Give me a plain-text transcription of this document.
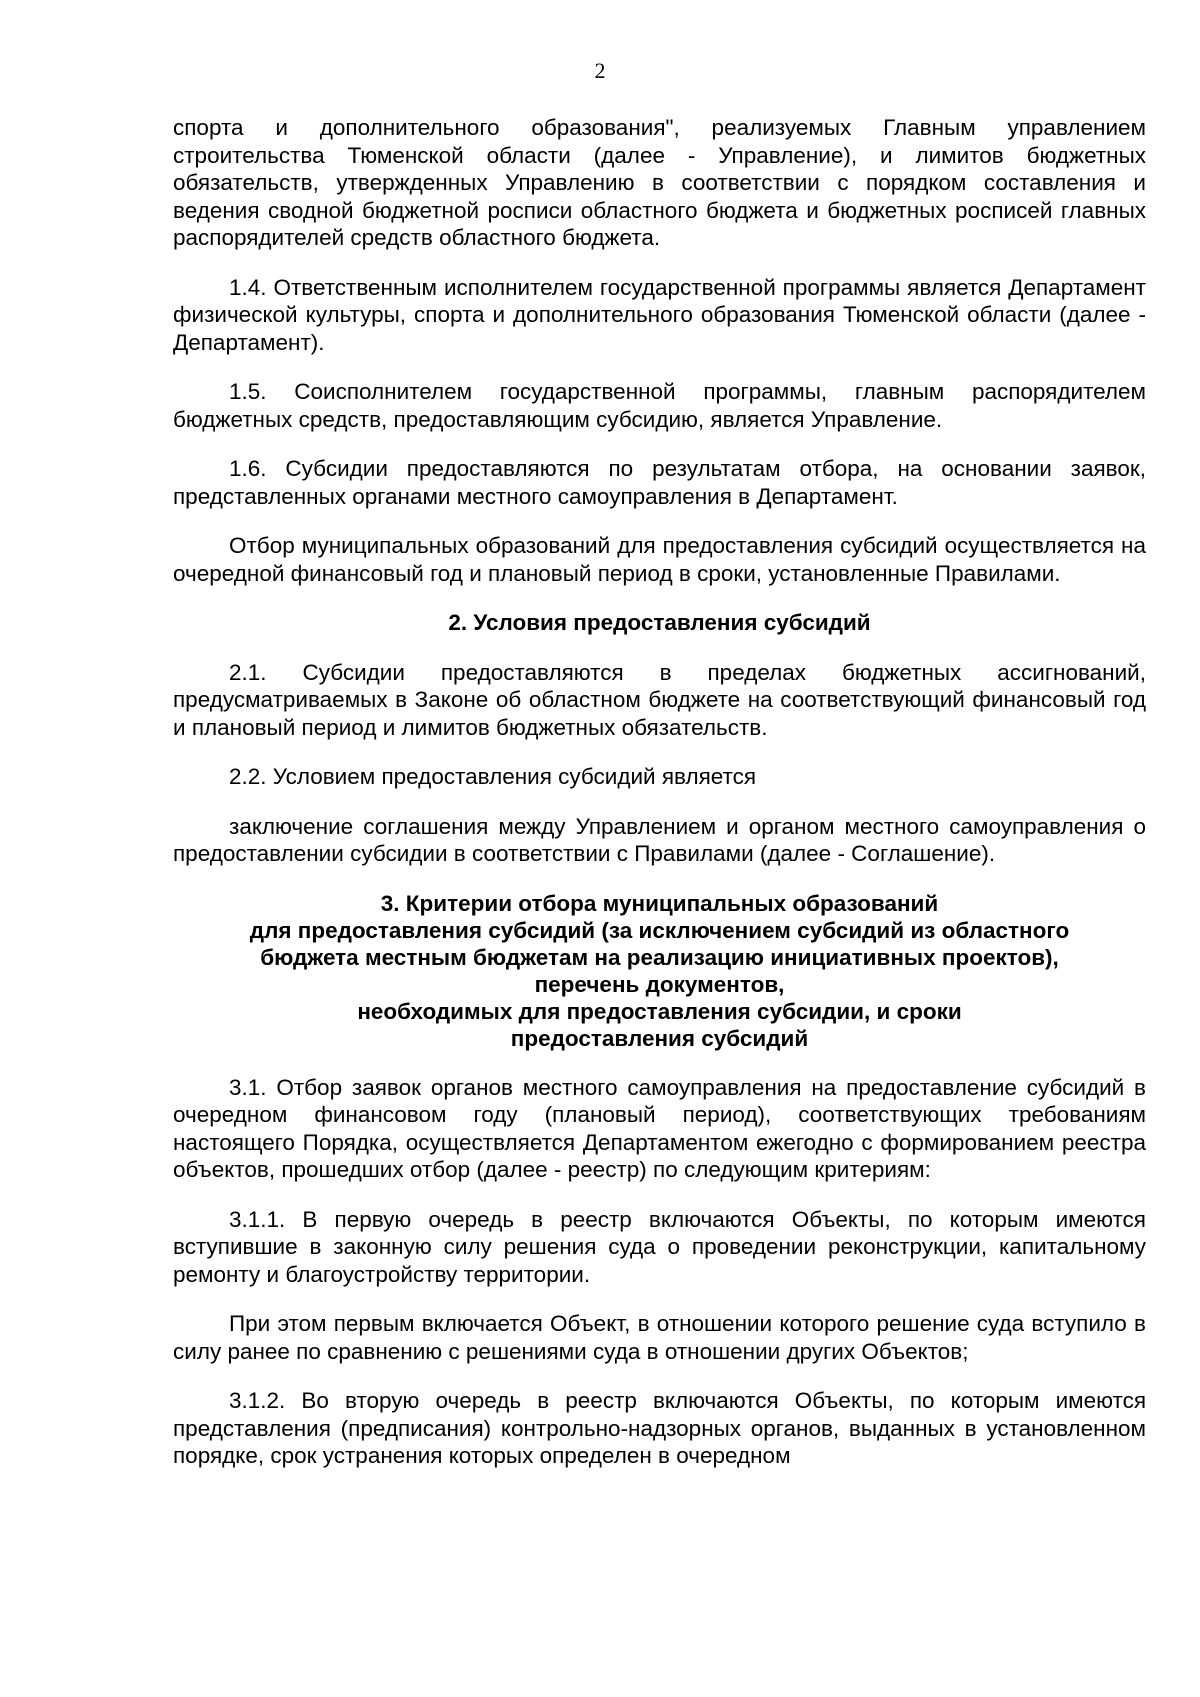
2

спорта и дополнительного образования", реализуемых Главным управлением строительства Тюменской области (далее - Управление), и лимитов бюджетных обязательств, утвержденных Управлению в соответствии с порядком составления и ведения сводной бюджетной росписи областного бюджета и бюджетных росписей главных распорядителей средств областного бюджета.

1.4. Ответственным исполнителем государственной программы является Департамент физической культуры, спорта и дополнительного образования Тюменской области (далее - Департамент).

1.5. Соисполнителем государственной программы, главным распорядителем бюджетных средств, предоставляющим субсидию, является Управление.

1.6. Субсидии предоставляются по результатам отбора, на основании заявок, представленных органами местного самоуправления в Департамент.

Отбор муниципальных образований для предоставления субсидий осуществляется на очередной финансовый год и плановый период в сроки, установленные Правилами.

2. Условия предоставления субсидий

2.1. Субсидии предоставляются в пределах бюджетных ассигнований, предусматриваемых в Законе об областном бюджете на соответствующий финансовый год и плановый период и лимитов бюджетных обязательств.

2.2. Условием предоставления субсидий является

заключение соглашения между Управлением и органом местного самоуправления о предоставлении субсидии в соответствии с Правилами (далее - Соглашение).

3. Критерии отбора муниципальных образований
для предоставления субсидий (за исключением субсидий из областного
бюджета местным бюджетам на реализацию инициативных проектов),
перечень документов,
необходимых для предоставления субсидии, и сроки
предоставления субсидий

3.1. Отбор заявок органов местного самоуправления на предоставление субсидий в очередном финансовом году (плановый период), соответствующих требованиям настоящего Порядка, осуществляется Департаментом ежегодно с формированием реестра объектов, прошедших отбор (далее - реестр) по следующим критериям:

3.1.1. В первую очередь в реестр включаются Объекты, по которым имеются вступившие в законную силу решения суда о проведении реконструкции, капитальному ремонту и благоустройству территории.

При этом первым включается Объект, в отношении которого решение суда вступило в силу ранее по сравнению с решениями суда в отношении других Объектов;

3.1.2. Во вторую очередь в реестр включаются Объекты, по которым имеются представления (предписания) контрольно-надзорных органов, выданных в установленном порядке, срок устранения которых определен в очередном
